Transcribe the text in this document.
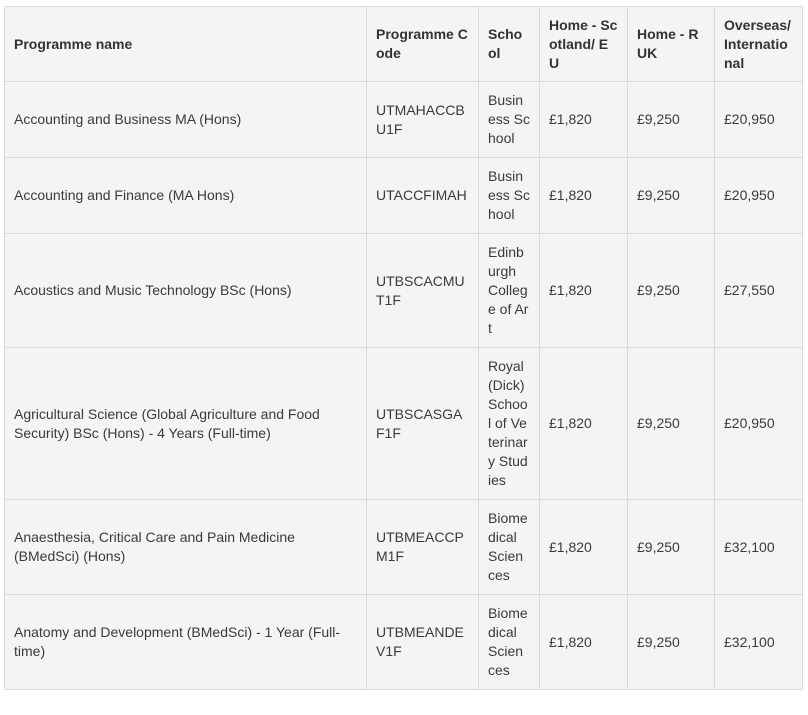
Programme name	Programme Code	School	Home - Scotland/ EU	Home - RUK	Overseas/ International
Accounting and Business MA (Hons)	UTMAHACCBU1F	Business School	£1,820	£9,250	£20,950
Accounting and Finance (MA Hons)	UTACCFIMAH	Business School	£1,820	£9,250	£20,950
Acoustics and Music Technology BSc (Hons)	UTBSCACMUT1F	Edinburgh College of Art	£1,820	£9,250	£27,550
Agricultural Science (Global Agriculture and Food Security) BSc (Hons) - 4 Years (Full-time)	UTBSCASGAF1F	Royal (Dick) School of Veterinary Studies	£1,820	£9,250	£20,950
Anaesthesia, Critical Care and Pain Medicine (BMedSci) (Hons)	UTBMEACCPM1F	Biomedical Sciences	£1,820	£9,250	£32,100
Anatomy and Development (BMedSci) - 1 Year (Full-time)	UTBMEANDEV1F	Biomedical Sciences	£1,820	£9,250	£32,100
